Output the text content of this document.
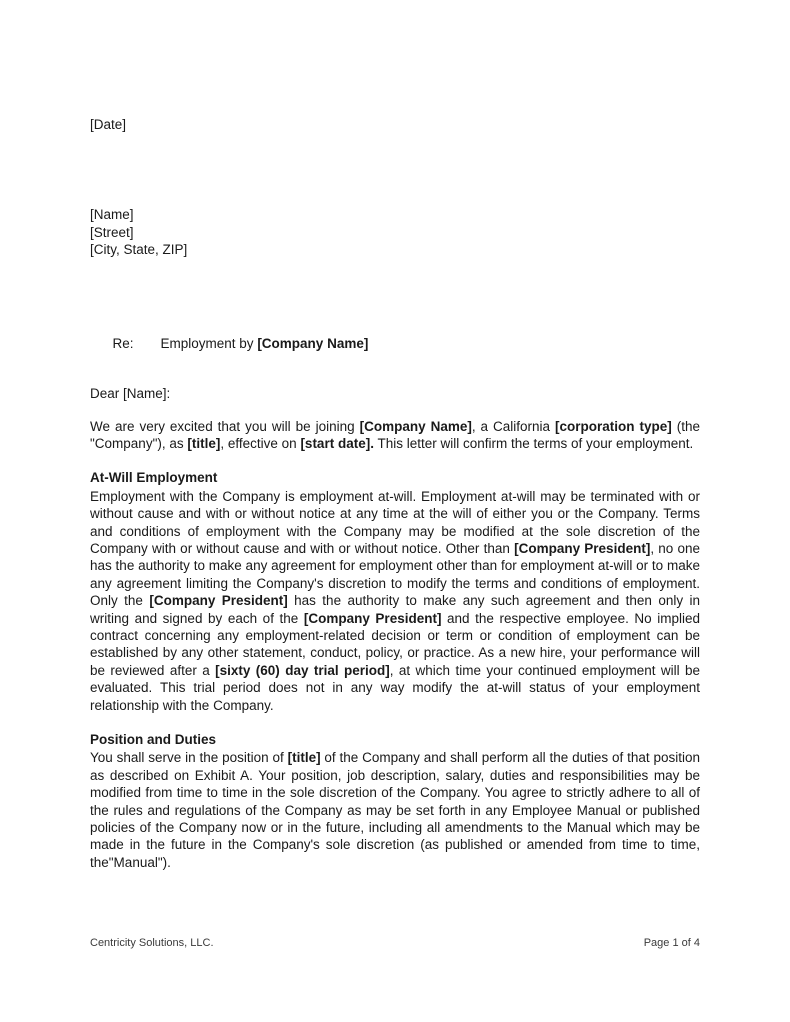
[Date]
[Name]
[Street]
[City, State, ZIP]

Re: Employment by [Company Name]

Dear [Name]:

We are very excited that you will be joining [Company Name], a California [corporation type] (the "Company"), as [title], effective on [start date]. This letter will confirm the terms of your employment.

At-Will Employment

Employment with the Company is employment at-will. Employment at-will may be terminated with or without cause and with or without notice at any time at the will of either you or the Company. Terms and conditions of employment with the Company may be modified at the sole discretion of the Company with or without cause and with or without notice. Other than [Company President], no one has the authority to make any agreement for employment other than for employment at-will or to make any agreement limiting the Company's discretion to modify the terms and conditions of employment. Only the [Company President] has the authority to make any such agreement and then only in writing and signed by each of the [Company President] and the respective employee. No implied contract concerning any employment-related decision or term or condition of employment can be established by any other statement, conduct, policy, or practice. As a new hire, your performance will be reviewed after a [sixty (60) day trial period], at which time your continued employment will be evaluated. This trial period does not in any way modify the at-will status of your employment relationship with the Company.

Position and Duties

You shall serve in the position of [title] of the Company and shall perform all the duties of that position as described on Exhibit A. Your position, job description, salary, duties and responsibilities may be modified from time to time in the sole discretion of the Company. You agree to strictly adhere to all of the rules and regulations of the Company as may be set forth in any Employee Manual or published policies of the Company now or in the future, including all amendments to the Manual which may be made in the future in the Company's sole discretion (as published or amended from time to time, the"Manual").

Centricity Solutions, LLC.	Page 1 of 4
